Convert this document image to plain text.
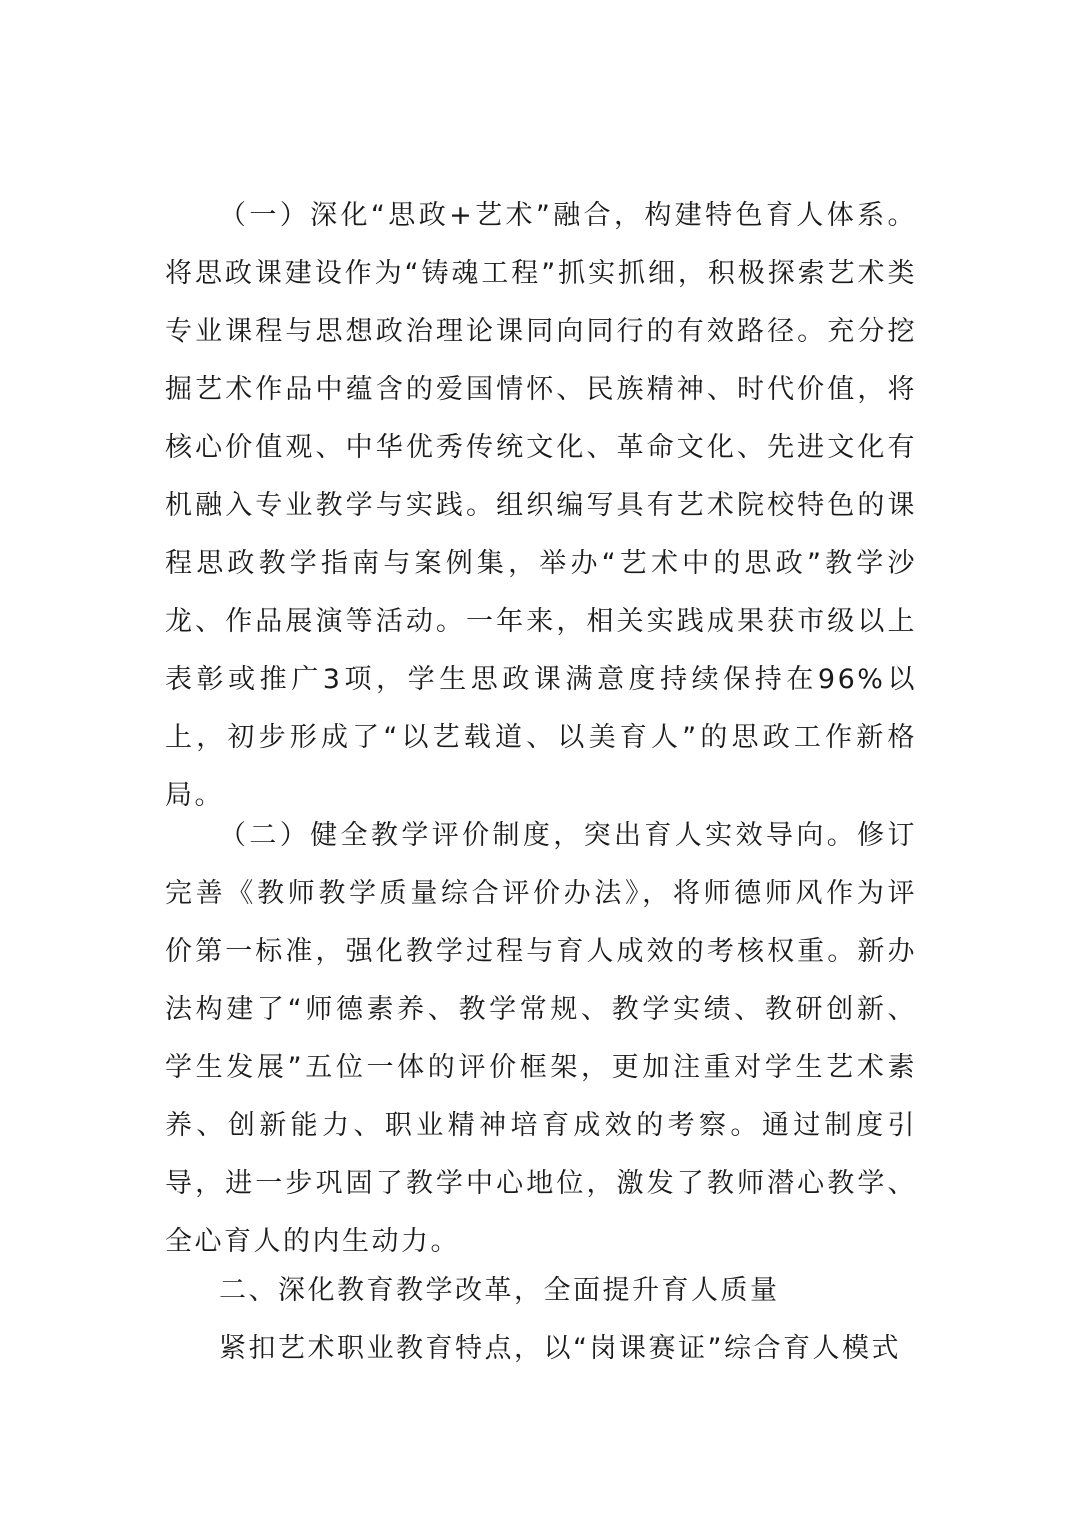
（一）深化“思政+艺术”融合，构建特色育人体系。将思政课建设作为“铸魂工程”抓实抓细，积极探索艺术类专业课程与思想政治理论课同向同行的有效路径。充分挖掘艺术作品中蕴含的爱国情怀、民族精神、时代价值，将核心价值观、中华优秀传统文化、革命文化、先进文化有机融入专业教学与实践。组织编写具有艺术院校特色的课程思政教学指南与案例集，举办“艺术中的思政”教学沙龙、作品展演等活动。一年来，相关实践成果获市级以上表彰或推广3项，学生思政课满意度持续保持在96%以上，初步形成了“以艺载道、以美育人”的思政工作新格局。

（二）健全教学评价制度，突出育人实效导向。修订完善《教师教学质量综合评价办法》，将师德师风作为评价第一标准，强化教学过程与育人成效的考核权重。新办法构建了“师德素养、教学常规、教学实绩、教研创新、学生发展”五位一体的评价框架，更加注重对学生艺术素养、创新能力、职业精神培育成效的考察。通过制度引导，进一步巩固了教学中心地位，激发了教师潜心教学、全心育人的内生动力。

二、深化教育教学改革，全面提升育人质量

紧扣艺术职业教育特点，以“岗课赛证”综合育人模式
